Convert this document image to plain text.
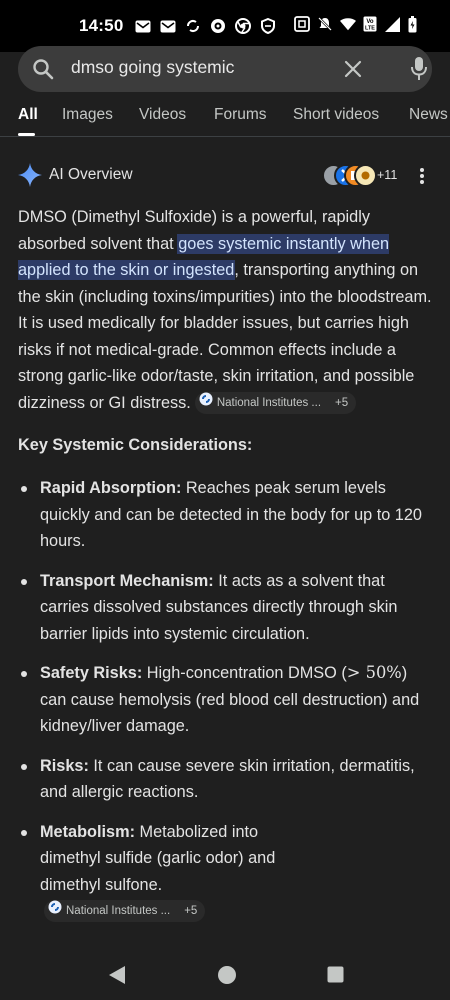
14:50	Vo
LTE
dmso going systemic
All Images Videos Forums Short videos News
AI Overview	+11

DMSO (Dimethyl Sulfoxide) is a powerful, rapidly absorbed solvent that goes systemic instantly when applied to the skin or ingested, transporting anything on the skin (including toxins/impurities) into the bloodstream. It is used medically for bladder issues, but carries high risks if not medical-grade. Common effects include a strong garlic-like odor/taste, skin irritation, and possible dizziness or GI distress. National Institutes ... +5

Key Systemic Considerations:

Rapid Absorption: Reaches peak serum levels quickly and can be detected in the body for up to 120 hours.
Transport Mechanism: It acts as a solvent that carries dissolved substances directly through skin barrier lipids into systemic circulation.
Safety Risks: High-concentration DMSO (> 50%) can cause hemolysis (red blood cell destruction) and kidney/liver damage.
Risks: It can cause severe skin irritation, dermatitis, and allergic reactions.
Metabolism: Metabolized into dimethyl sulfide (garlic odor) and dimethyl sulfone.
National Institutes ... +5
